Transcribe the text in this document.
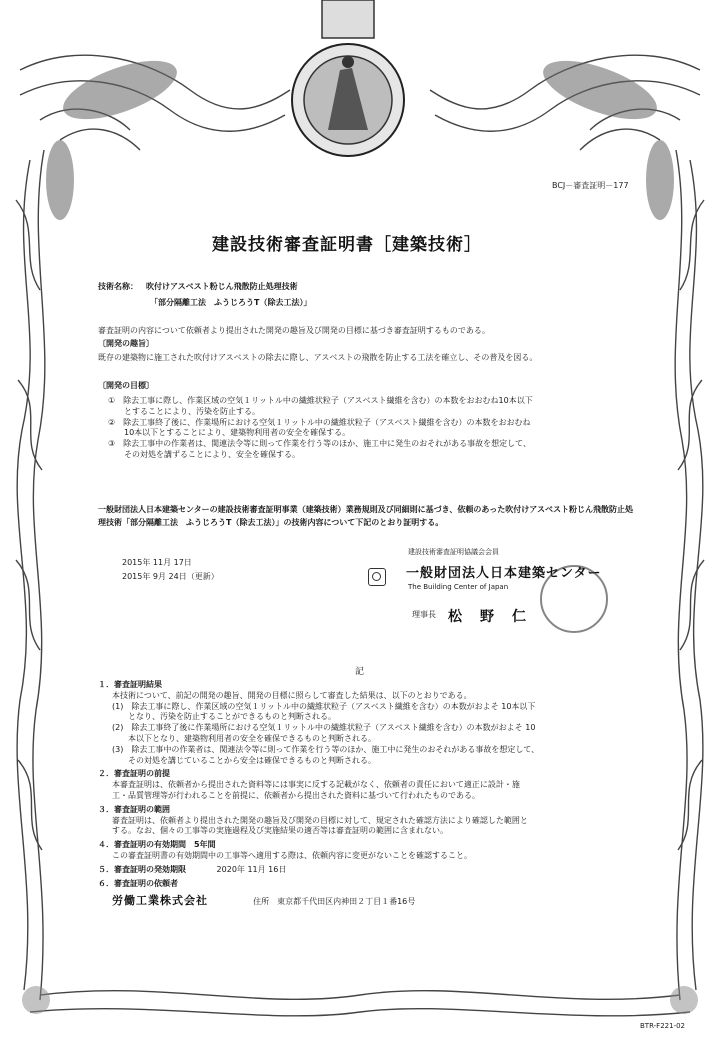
BCJ－審査証明－177
建設技術審査証明書［建築技術］
技術名称： 吹付けアスベスト粉じん飛散防止処理技術
「部分隔離工法　ふうじろうT（除去工法）」
審査証明の内容について依頼者より提出された開発の趣旨及び開発の目標に基づき審査証明するものである。
〔開発の趣旨〕
既存の建築物に施工された吹付けアスベストの除去に際し、アスベストの飛散を防止する工法を確立し、その普及を図る。
〔開発の目標〕
①　除去工事に際し、作業区域の空気１リットル中の繊維状粒子（アスベスト繊維を含む）の本数をおおむね10本以下
　　とすることにより、汚染を防止する。
②　除去工事終了後に、作業場所における空気１リットル中の繊維状粒子（アスベスト繊維を含む）の本数をおおむね
　　10本以下とすることにより、建築物利用者の安全を確保する。
③　除去工事中の作業者は、関連法令等に則って作業を行う等のほか、施工中に発生のおそれがある事故を想定して、
　　その対処を講ずることにより、安全を確保する。
一般財団法人日本建築センターの建設技術審査証明事業（建築技術）業務規則及び同細則に基づき、依頼のあった吹付けアスベスト粉じん飛散防止処理技術「部分隔離工法　ふうじろうT（除去工法）」の技術内容について下記のとおり証明する。
2015年 11月 17日
2015年 9月 24日（更新）
建設技術審査証明協議会会員
一般財団法人日本建築センター
The Building Center of Japan
理事長 松　野　仁
記
１．審査証明結果
本技術について、前記の開発の趣旨、開発の目標に照らして審査した結果は、以下のとおりである。
(1)　除去工事に際し、作業区域の空気１リットル中の繊維状粒子（アスベスト繊維を含む）の本数がおよそ 10本以下
　　となり、汚染を防止することができるものと判断される。
(2)　除去工事終了後に作業場所における空気１リットル中の繊維状粒子（アスベスト繊維を含む）の本数がおよそ 10
　　本以下となり、建築物利用者の安全を確保できるものと判断される。
(3)　除去工事中の作業者は、関連法令等に則って作業を行う等のほか、施工中に発生のおそれがある事故を想定して、
　　その対処を講じていることから安全は確保できるものと判断される。
２．審査証明の前提
本審査証明は、依頼者から提出された資料等には事実に反する記載がなく、依頼者の責任において適正に設計・施
工・品質管理等が行われることを前提に、依頼者から提出された資料に基づいて行われたものである。
３．審査証明の範囲
審査証明は、依頼者より提出された開発の趣旨及び開発の目標に対して、規定された確認方法により確認した範囲と
する。なお、個々の工事等の実施過程及び実施結果の適否等は審査証明の範囲に含まれない。
４．審査証明の有効期間　5年間
この審査証明書の有効期間中の工事等へ適用する際は、依頼内容に変更がないことを確認すること。
５．審査証明の発効期限	2020年 11月 16日
６．審査証明の依頼者
労働工業株式会社	住所　東京都千代田区内神田２丁目１番16号
BTR-F221-02
